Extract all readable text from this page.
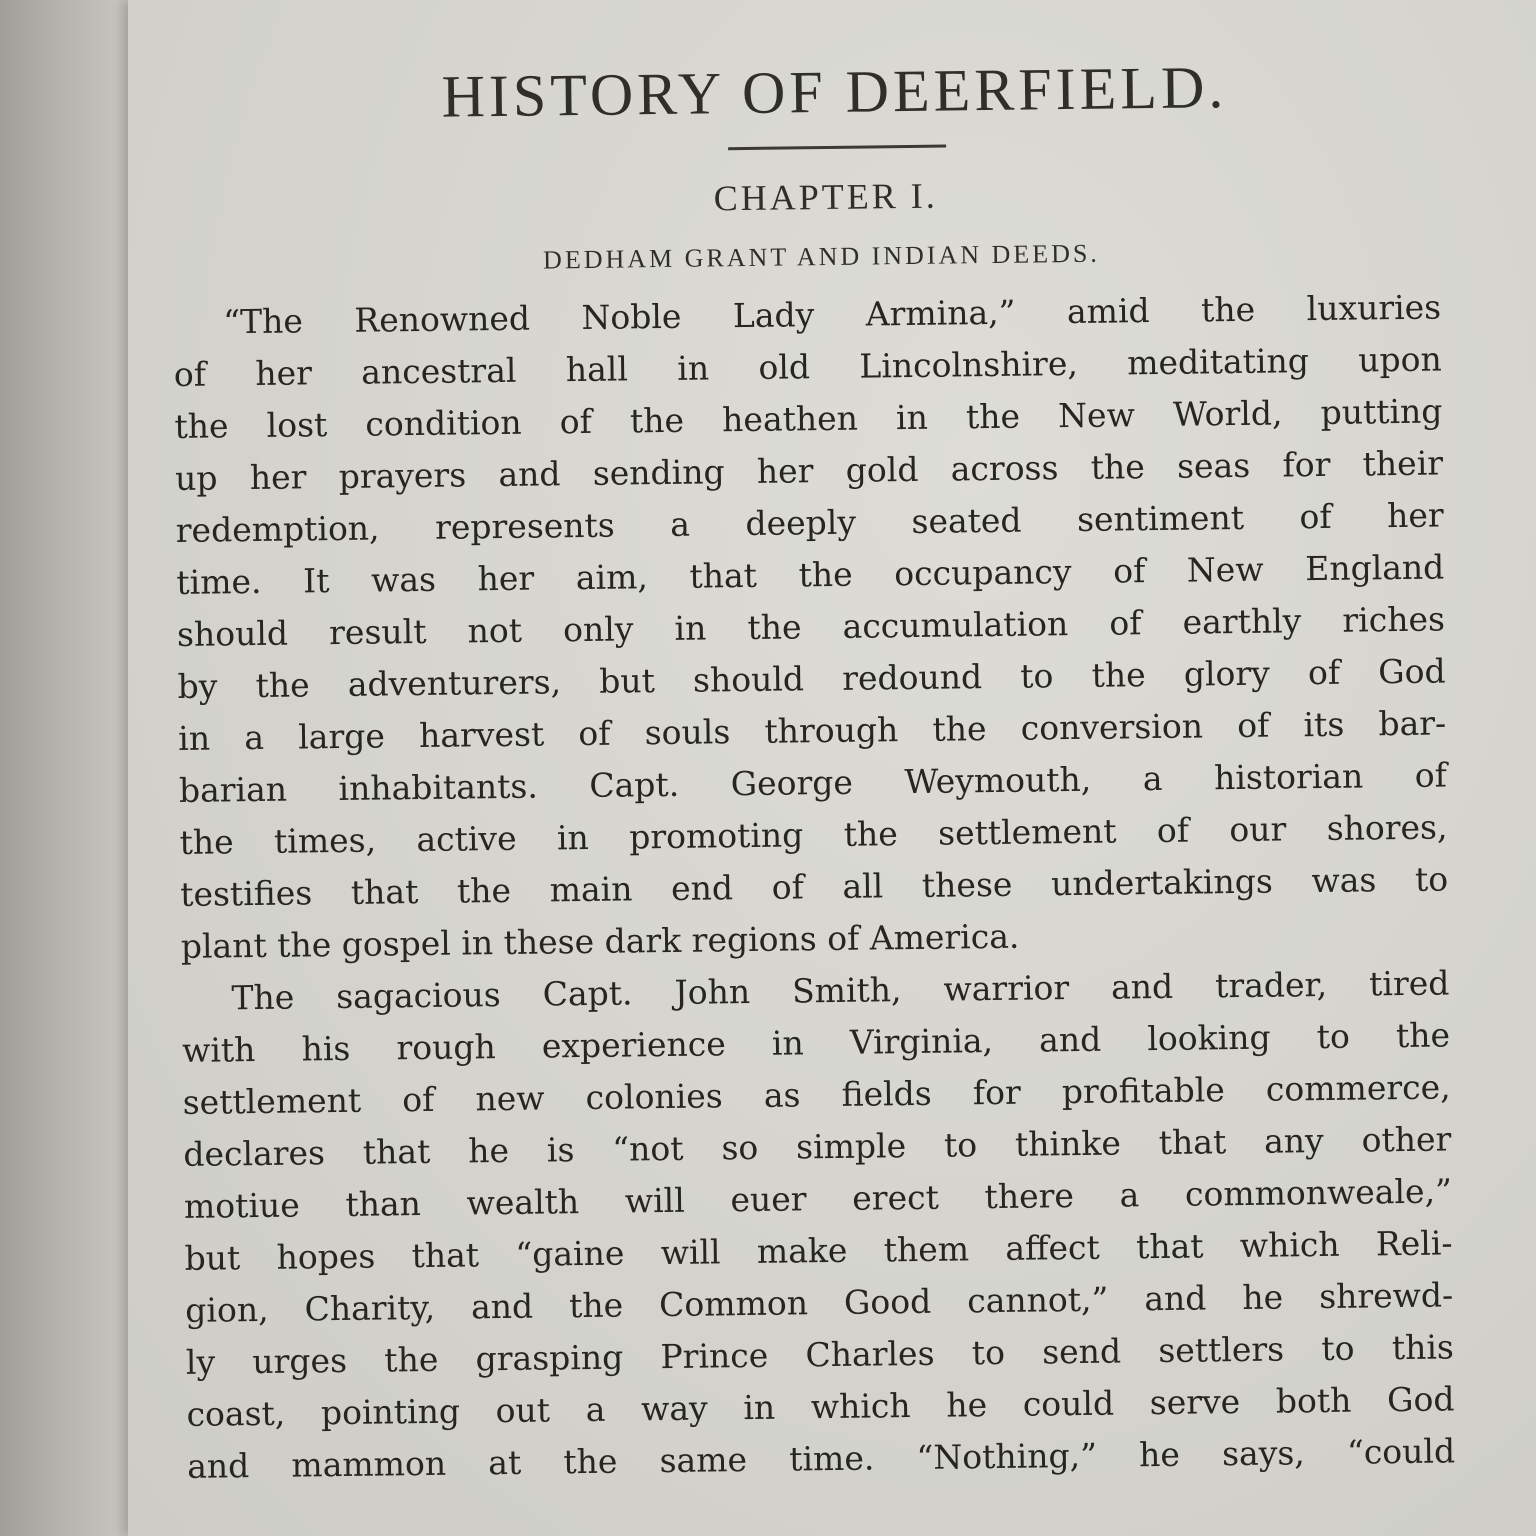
HISTORY OF DEERFIELD.
CHAPTER I.
DEDHAM GRANT AND INDIAN DEEDS.

“The Renowned Noble Lady Armina,” amid the luxuries
of her ancestral hall in old Lincolnshire, meditating upon
the lost condition of the heathen in the New World, putting
up her prayers and sending her gold across the seas for their
redemption, represents a deeply seated sentiment of her
time. It was her aim, that the occupancy of New England
should result not only in the accumulation of earthly riches
by the adventurers, but should redound to the glory of God
in a large harvest of souls through the conversion of its bar-
barian inhabitants. Capt. George Weymouth, a historian of
the times, active in promoting the settlement of our shores,
testifies that the main end of all these undertakings was to
plant the gospel in these dark regions of America.

The sagacious Capt. John Smith, warrior and trader, tired
with his rough experience in Virginia, and looking to the
settlement of new colonies as fields for profitable commerce,
declares that he is “not so simple to thinke that any other
motiue than wealth will euer erect there a commonweale,”
but hopes that “gaine will make them affect that which Reli-
gion, Charity, and the Common Good cannot,” and he shrewd-
ly urges the grasping Prince Charles to send settlers to this
coast, pointing out a way in which he could serve both God
and mammon at the same time. “Nothing,” he says, “could
